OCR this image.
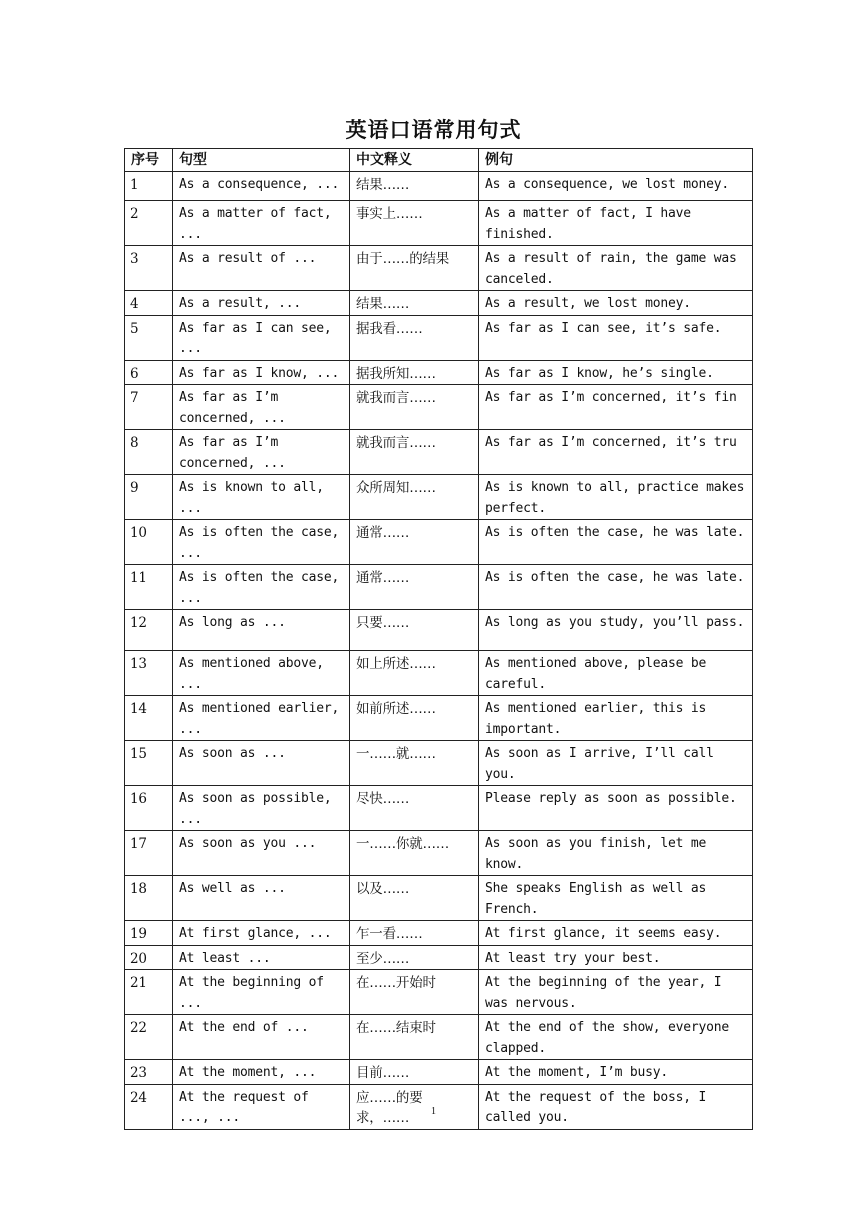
英语口语常用句式
序号	句型	中文释义	例句
1	As a consequence, ...	结果……	As a consequence, we lost money.
2	As a matter of fact, ...	事实上……	As a matter of fact, I have finished.
3	As a result of ...	由于……的结果	As a result of rain, the game was canceled.
4	As a result, ...	结果……	As a result, we lost money.
5	As far as I can see, ...	据我看……	As far as I can see, it’s safe.
6	As far as I know, ...	据我所知……	As far as I know, he’s single.
7	As far as I’m concerned, ...	就我而言……	As far as I’m concerned, it’s fin
8	As far as I’m concerned, ...	就我而言……	As far as I’m concerned, it’s tru
9	As is known to all, ...	众所周知……	As is known to all, practice makes perfect.
10	As is often the case, ...	通常……	As is often the case, he was late.
11	As is often the case, ...	通常……	As is often the case, he was late.
12	As long as ...	只要……	As long as you study, you’ll pass.
13	As mentioned above, ...	如上所述……	As mentioned above, please be careful.
14	As mentioned earlier, ...	如前所述……	As mentioned earlier, this is important.
15	As soon as ...	一……就……	As soon as I arrive, I’ll call you.
16	As soon as possible, ...	尽快……	Please reply as soon as possible.
17	As soon as you ...	一……你就……	As soon as you finish, let me know.
18	As well as ...	以及……	She speaks English as well as French.
19	At first glance, ...	乍一看……	At first glance, it seems easy.
20	At least ...	至少……	At least try your best.
21	At the beginning of ...	在……开始时	At the beginning of the year, I was nervous.
22	At the end of ...	在……结束时	At the end of the show, everyone clapped.
23	At the moment, ...	目前……	At the moment, I’m busy.
24	At the request of ..., ...	应……的要求，……	At the request of the boss, I called you.
1
